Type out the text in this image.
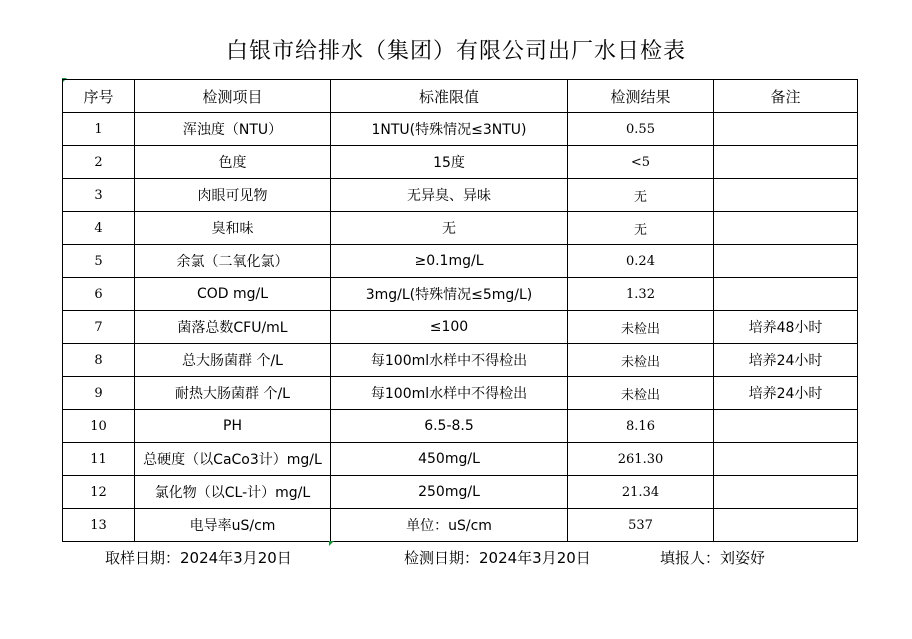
白银市给排水（集团）有限公司出厂水日检表
序号	检测项目	标准限值	检测结果	备注
1	浑浊度（NTU）	1NTU(特殊情况≤3NTU)	0.55	
2	色度	15度	<5	
3	肉眼可见物	无异臭、异味	无	
4	臭和味	无	无	
5	余氯（二氧化氯）	≥0.1mg/L	0.24	
6	COD mg/L	3mg/L(特殊情况≤5mg/L)	1.32	
7	菌落总数CFU/mL	≤100	未检出	培养48小时
8	总大肠菌群 个/L	每100ml水样中不得检出	未检出	培养24小时
9	耐热大肠菌群 个/L	每100ml水样中不得检出	未检出	培养24小时
10	PH	6.5-8.5	8.16	
11	总硬度（以CaCo3计）mg/L	450mg/L	261.30	
12	氯化物（以CL-计）mg/L	250mg/L	21.34	
13	电导率uS/cm	单位：uS/cm	537	
取样日期：2024年3月20日	检测日期：2024年3月20日	填报人：刘姿妤
